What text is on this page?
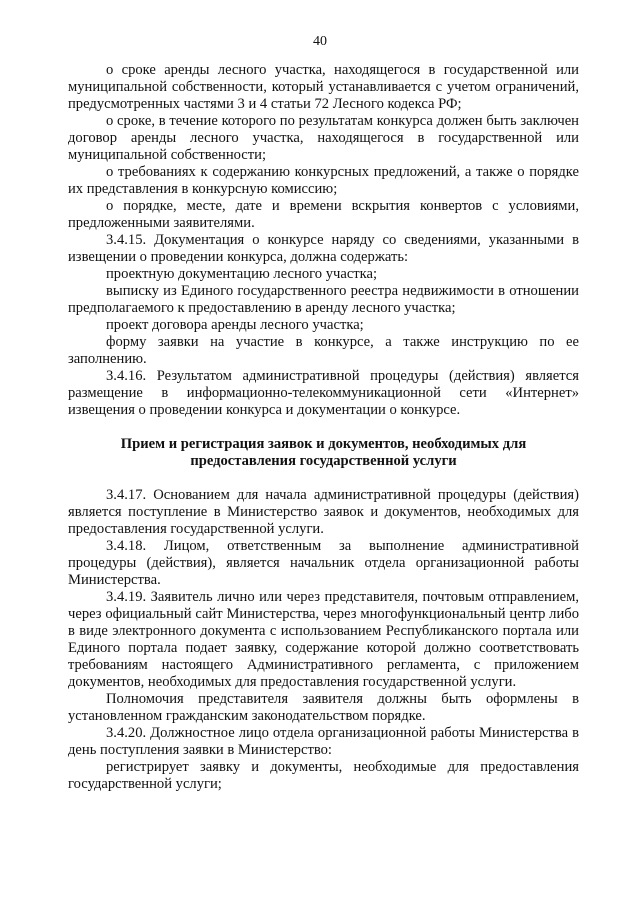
40

о сроке аренды лесного участка, находящегося в государственной или муниципальной собственности, который устанавливается с учетом ограничений, предусмотренных частями 3 и 4 статьи 72 Лесного кодекса РФ;

о сроке, в течение которого по результатам конкурса должен быть заключен договор аренды лесного участка, находящегося в государственной или муниципальной собственности;

о требованиях к содержанию конкурсных предложений, а также о порядке их представления в конкурсную комиссию;

о порядке, месте, дате и времени вскрытия конвертов с условиями, предложенными заявителями.

3.4.15. Документация о конкурсе наряду со сведениями, указанными в извещении о проведении конкурса, должна содержать:

проектную документацию лесного участка;

выписку из Единого государственного реестра недвижимости в отношении предполагаемого к предоставлению в аренду лесного участка;

проект договора аренды лесного участка;

форму заявки на участие в конкурсе, а также инструкцию по ее заполнению.

3.4.16. Результатом административной процедуры (действия) является размещение в информационно-телекоммуникационной сети «Интернет» извещения о проведении конкурса и документации о конкурсе.

Прием и регистрация заявок и документов, необходимых для
предоставления государственной услуги

3.4.17. Основанием для начала административной процедуры (действия) является поступление в Министерство заявок и документов, необходимых для предоставления государственной услуги.

3.4.18. Лицом, ответственным за выполнение административной процедуры (действия), является начальник отдела организационной работы Министерства.

3.4.19. Заявитель лично или через представителя, почтовым отправлением, через официальный сайт Министерства, через многофункциональный центр либо в виде электронного документа с использованием Республиканского портала или Единого портала подает заявку, содержание которой должно соответствовать требованиям настоящего Административного регламента, с приложением документов, необходимых для предоставления государственной услуги.

Полномочия представителя заявителя должны быть оформлены в установленном гражданским законодательством порядке.

3.4.20. Должностное лицо отдела организационной работы Министерства в день поступления заявки в Министерство:

регистрирует заявку и документы, необходимые для предоставления государственной услуги;
